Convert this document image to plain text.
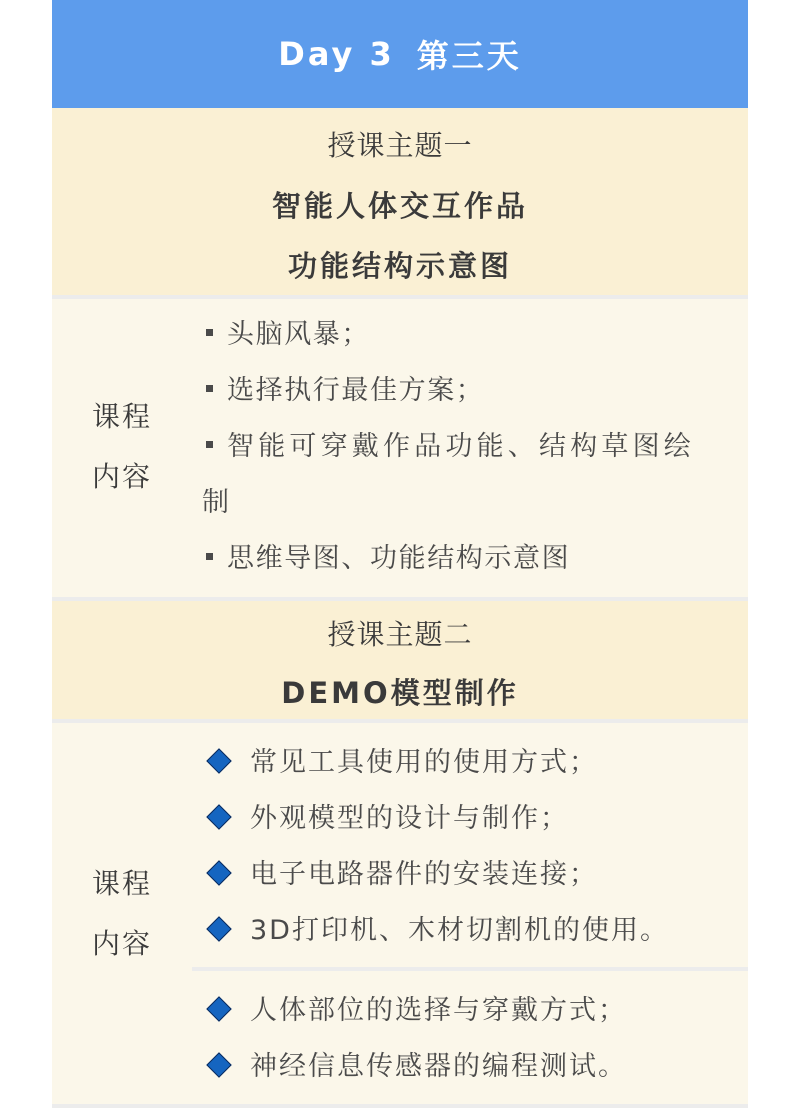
Day 3 第三天
授课主题一
智能人体交互作品
功能结构示意图
课程
内容
头脑风暴；
选择执行最佳方案；
智能可穿戴作品功能、结构草图绘
制
思维导图、功能结构示意图
授课主题二
DEMO模型制作
课程
内容
常见工具使用的使用方式；
外观模型的设计与制作；
电子电路器件的安装连接；
3D打印机、木材切割机的使用。
人体部位的选择与穿戴方式；
神经信息传感器的编程测试。
